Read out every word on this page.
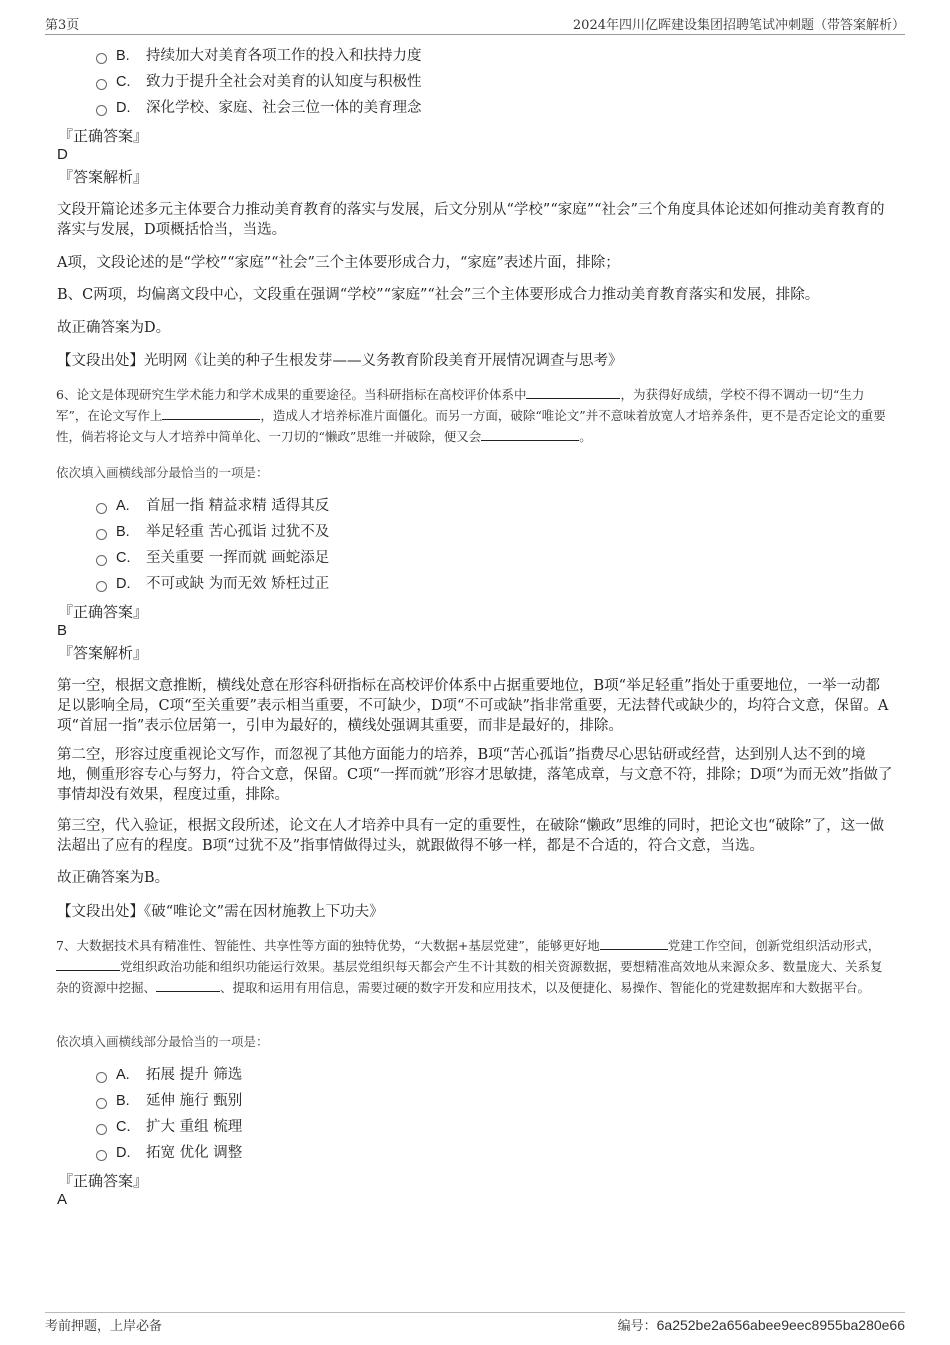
第3页	2024年四川亿晖建设集团招聘笔试冲刺题（带答案解析）
B. 持续加大对美育各项工作的投入和扶持力度
C. 致力于提升全社会对美育的认知度与积极性
D. 深化学校、家庭、社会三位一体的美育理念
『正确答案』
D
『答案解析』
文段开篇论述多元主体要合力推动美育教育的落实与发展，后文分别从“学校”“家庭”“社会”三个角度具体论述如何推动美育教育的落实与发展，D项概括恰当，当选。
A项，文段论述的是“学校”“家庭”“社会”三个主体要形成合力，“家庭”表述片面，排除；
B、C两项，均偏离文段中心，文段重在强调“学校”“家庭”“社会”三个主体要形成合力推动美育教育落实和发展，排除。
故正确答案为D。
【文段出处】光明网《让美的种子生根发芽——义务教育阶段美育开展情况调查与思考》
6、论文是体现研究生学术能力和学术成果的重要途径。当科研指标在高校评价体系中	，为获得好成绩，学校不得不调动一切“生力军”，在论文写作上	，造成人才培养标准片面僵化。而另一方面，破除“唯论文”并不意味着放宽人才培养条件，更不是否定论文的重要性，倘若将论文与人才培养中简单化、一刀切的“懒政”思维一并破除，便又会	。
依次填入画横线部分最恰当的一项是：
A. 首屈一指 精益求精 适得其反
B. 举足轻重 苦心孤诣 过犹不及
C. 至关重要 一挥而就 画蛇添足
D. 不可或缺 为而无效 矫枉过正
『正确答案』
B
『答案解析』
第一空，根据文意推断，横线处意在形容科研指标在高校评价体系中占据重要地位，B项“举足轻重”指处于重要地位，一举一动都足以影响全局，C项“至关重要”表示相当重要，不可缺少，D项“不可或缺”指非常重要，无法替代或缺少的，均符合文意，保留。A项“首屈一指”表示位居第一，引申为最好的，横线处强调其重要，而非是最好的，排除。
第二空，形容过度重视论文写作，而忽视了其他方面能力的培养，B项“苦心孤诣”指费尽心思钻研或经营，达到别人达不到的境地，侧重形容专心与努力，符合文意，保留。C项“一挥而就”形容才思敏捷，落笔成章，与文意不符，排除；D项“为而无效”指做了事情却没有效果，程度过重，排除。
第三空，代入验证，根据文段所述，论文在人才培养中具有一定的重要性，在破除“懒政”思维的同时，把论文也“破除”了，这一做法超出了应有的程度。B项“过犹不及”指事情做得过头，就跟做得不够一样，都是不合适的，符合文意，当选。
故正确答案为B。
【文段出处】《破“唯论文”需在因材施教上下功夫》
7、大数据技术具有精准性、智能性、共享性等方面的独特优势，“大数据+基层党建”，能够更好地	党建工作空间，创新党组织活动形式，党组织政治功能和组织功能运行效果。基层党组织每天都会产生不计其数的相关资源数据，要想精准高效地从来源众多、数量庞大、关系复杂的资源中挖掘、	、提取和运用有用信息，需要过硬的数字开发和应用技术，以及便捷化、易操作、智能化的党建数据库和大数据平台。
依次填入画横线部分最恰当的一项是：
A. 拓展 提升 筛选
B. 延伸 施行 甄别
C. 扩大 重组 梳理
D. 拓宽 优化 调整
『正确答案』
A
考前押题，上岸必备	编号：6a252be2a656abee9eec8955ba280e66
